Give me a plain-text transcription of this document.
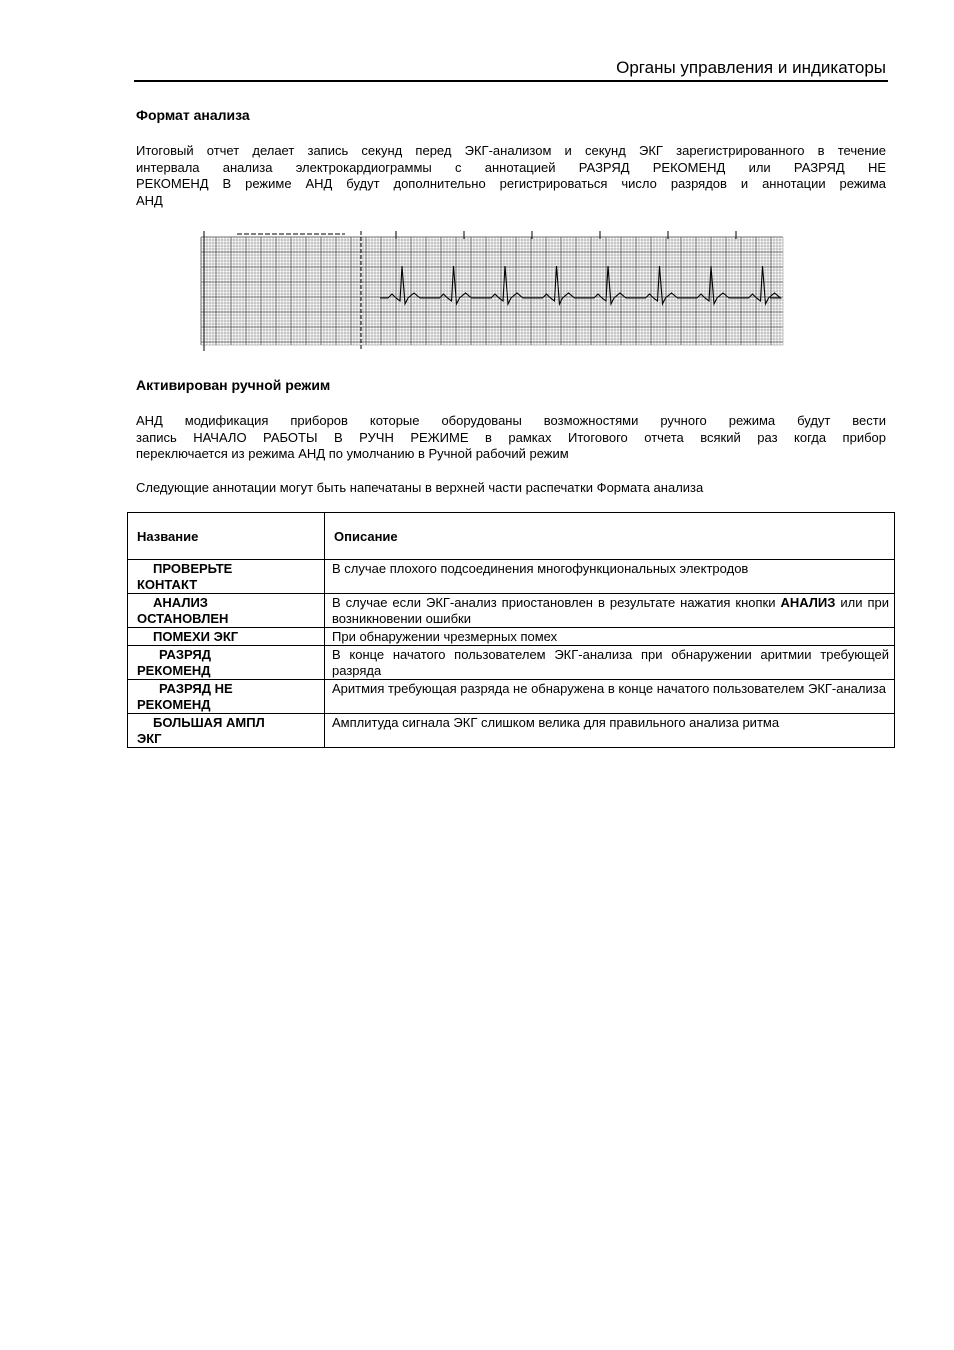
Органы управления и индикаторы
Формат анализа
Итоговый отчет делает запись секунд перед ЭКГ-анализом и секунд ЭКГ зарегистрированного в течение
интервала анализа электрокардиограммы с аннотацией РАЗРЯД РЕКОМЕНД или РАЗРЯД НЕ
РЕКОМЕНД В режиме АНД будут дополнительно регистрироваться число разрядов и аннотации режима
АНД
Активирован ручной режим
АНД модификация приборов которые оборудованы возможностями ручного режима будут вести
запись НАЧАЛО РАБОТЫ В РУЧН РЕЖИМЕ в рамках Итогового отчета всякий раз когда прибор
переключается из режима АНД по умолчанию в Ручной рабочий режим
Следующие аннотации могут быть напечатаны в верхней части распечатки Формата анализа
Название	Описание
ПРОВЕРЬТЕ
КОНТАКТ	В случае плохого подсоединения многофункциональных электродов
АНАЛИЗ
ОСТАНОВЛЕН	В случае если ЭКГ-анализ приостановлен в результате нажатия кнопки АНАЛИЗ или при возникновении ошибки
ПОМЕХИ ЭКГ	При обнаружении чрезмерных помех
РАЗРЯД
РЕКОМЕНД	В конце начатого пользователем ЭКГ-анализа при обнаружении аритмии требующей разряда
РАЗРЯД НЕ
РЕКОМЕНД	Аритмия требующая разряда не обнаружена в конце начатого пользователем ЭКГ-анализа
БОЛЬШАЯ АМПЛ
ЭКГ	Амплитуда сигнала ЭКГ слишком велика для правильного анализа ритма
